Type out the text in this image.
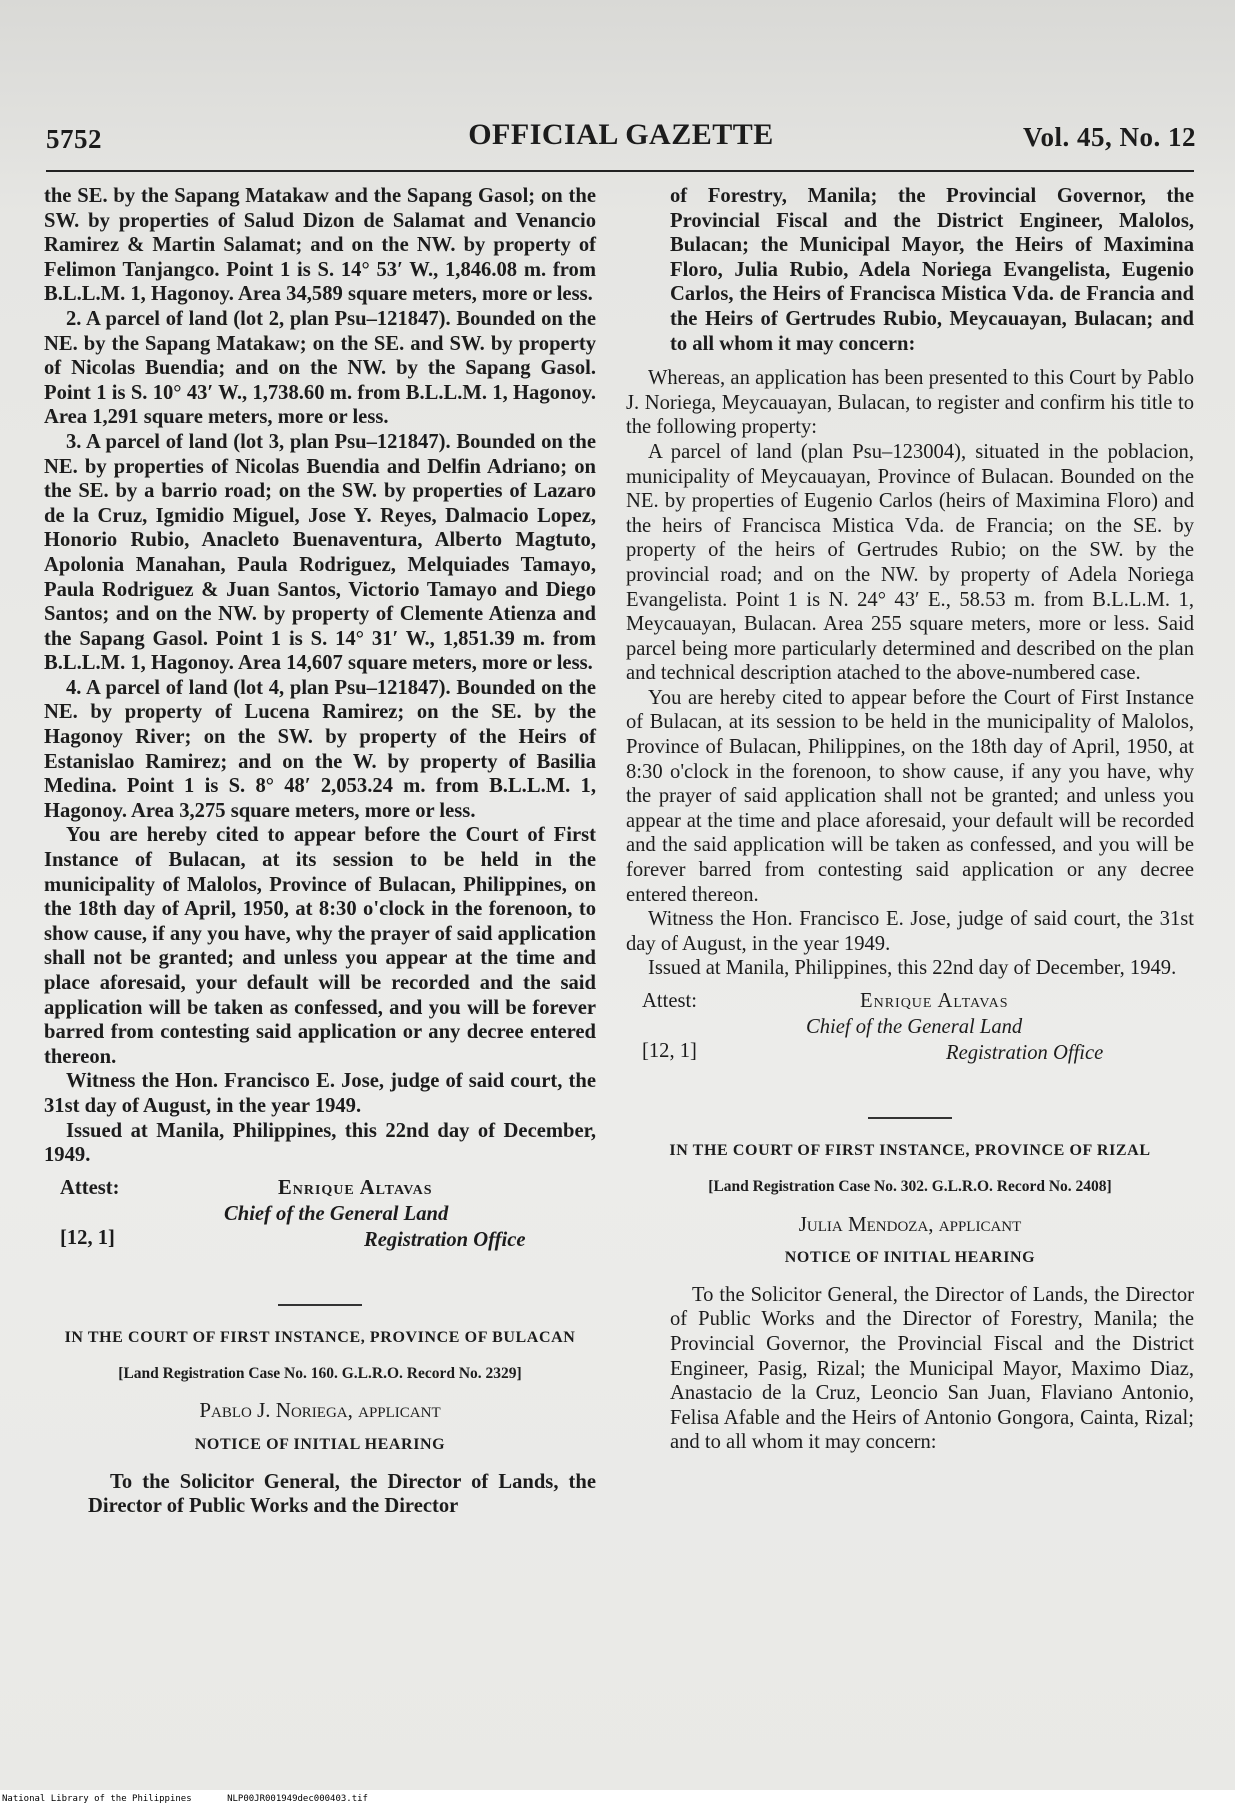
5752	OFFICIAL GAZETTE	Vol. 45, No. 12

the SE. by the Sapang Matakaw and the Sapang Gasol; on the SW. by properties of Salud Dizon de Salamat and Venancio Ramirez & Martin Salamat; and on the NW. by property of Felimon Tanjangco. Point 1 is S. 14° 53′ W., 1,846.08 m. from B.L.L.M. 1, Hagonoy. Area 34,589 square meters, more or less.

2. A parcel of land (lot 2, plan Psu–121847). Bounded on the NE. by the Sapang Matakaw; on the SE. and SW. by property of Nicolas Buendia; and on the NW. by the Sapang Gasol. Point 1 is S. 10° 43′ W., 1,738.60 m. from B.L.L.M. 1, Hagonoy. Area 1,291 square meters, more or less.

3. A parcel of land (lot 3, plan Psu–121847). Bounded on the NE. by properties of Nicolas Buendia and Delfin Adriano; on the SE. by a barrio road; on the SW. by properties of Lazaro de la Cruz, Igmidio Miguel, Jose Y. Reyes, Dalmacio Lopez, Honorio Rubio, Anacleto Buenaventura, Alberto Magtuto, Apolonia Manahan, Paula Rodriguez, Melquiades Tamayo, Paula Rodriguez & Juan Santos, Victorio Tamayo and Diego Santos; and on the NW. by property of Clemente Atienza and the Sapang Gasol. Point 1 is S. 14° 31′ W., 1,851.39 m. from B.L.L.M. 1, Hagonoy. Area 14,607 square meters, more or less.

4. A parcel of land (lot 4, plan Psu–121847). Bounded on the NE. by property of Lucena Ramirez; on the SE. by the Hagonoy River; on the SW. by property of the Heirs of Estanislao Ramirez; and on the W. by property of Basilia Medina. Point 1 is S. 8° 48′ 2,053.24 m. from B.L.L.M. 1, Hagonoy. Area 3,275 square meters, more or less.

You are hereby cited to appear before the Court of First Instance of Bulacan, at its session to be held in the municipality of Malolos, Province of Bulacan, Philippines, on the 18th day of April, 1950, at 8:30 o'clock in the forenoon, to show cause, if any you have, why the prayer of said application shall not be granted; and unless you appear at the time and place aforesaid, your default will be recorded and the said application will be taken as confessed, and you will be forever barred from contesting said application or any decree entered thereon.

Witness the Hon. Francisco E. Jose, judge of said court, the 31st day of August, in the year 1949.

Issued at Manila, Philippines, this 22nd day of December, 1949.

Attest:	Enrique Altavas
Chief of the General Land
[12, 1]	Registration Office
IN THE COURT OF FIRST INSTANCE, PROVINCE OF BULACAN
[Land Registration Case No. 160. G.L.R.O. Record No. 2329]
Pablo J. Noriega, applicant
NOTICE OF INITIAL HEARING

To the Solicitor General, the Director of Lands, the Director of Public Works and the Director

of Forestry, Manila; the Provincial Governor, the Provincial Fiscal and the District Engineer, Malolos, Bulacan; the Municipal Mayor, the Heirs of Maximina Floro, Julia Rubio, Adela Noriega Evangelista, Eugenio Carlos, the Heirs of Francisca Mistica Vda. de Francia and the Heirs of Gertrudes Rubio, Meycauayan, Bulacan; and to all whom it may concern:

Whereas, an application has been presented to this Court by Pablo J. Noriega, Meycauayan, Bulacan, to register and confirm his title to the following property:

A parcel of land (plan Psu–123004), situated in the poblacion, municipality of Meycauayan, Province of Bulacan. Bounded on the NE. by properties of Eugenio Carlos (heirs of Maximina Floro) and the heirs of Francisca Mistica Vda. de Francia; on the SE. by property of the heirs of Gertrudes Rubio; on the SW. by the provincial road; and on the NW. by property of Adela Noriega Evangelista. Point 1 is N. 24° 43′ E., 58.53 m. from B.L.L.M. 1, Meycauayan, Bulacan. Area 255 square meters, more or less. Said parcel being more particularly determined and described on the plan and technical description atached to the above-numbered case.

You are hereby cited to appear before the Court of First Instance of Bulacan, at its session to be held in the municipality of Malolos, Province of Bulacan, Philippines, on the 18th day of April, 1950, at 8:30 o'clock in the forenoon, to show cause, if any you have, why the prayer of said application shall not be granted; and unless you appear at the time and place aforesaid, your default will be recorded and the said application will be taken as confessed, and you will be forever barred from contesting said application or any decree entered thereon.

Witness the Hon. Francisco E. Jose, judge of said court, the 31st day of August, in the year 1949.

Issued at Manila, Philippines, this 22nd day of December, 1949.

Attest:	Enrique Altavas
Chief of the General Land
[12, 1]	Registration Office
IN THE COURT OF FIRST INSTANCE, PROVINCE OF RIZAL
[Land Registration Case No. 302. G.L.R.O. Record No. 2408]
Julia Mendoza, applicant
NOTICE OF INITIAL HEARING

To the Solicitor General, the Director of Lands, the Director of Public Works and the Director of Forestry, Manila; the Provincial Governor, the Provincial Fiscal and the District Engineer, Pasig, Rizal; the Municipal Mayor, Maximo Diaz, Anastacio de la Cruz, Leoncio San Juan, Flaviano Antonio, Felisa Afable and the Heirs of Antonio Gongora, Cainta, Rizal; and to all whom it may concern:

National Library of the Philippines	NLP00JR001949dec000403.tif
